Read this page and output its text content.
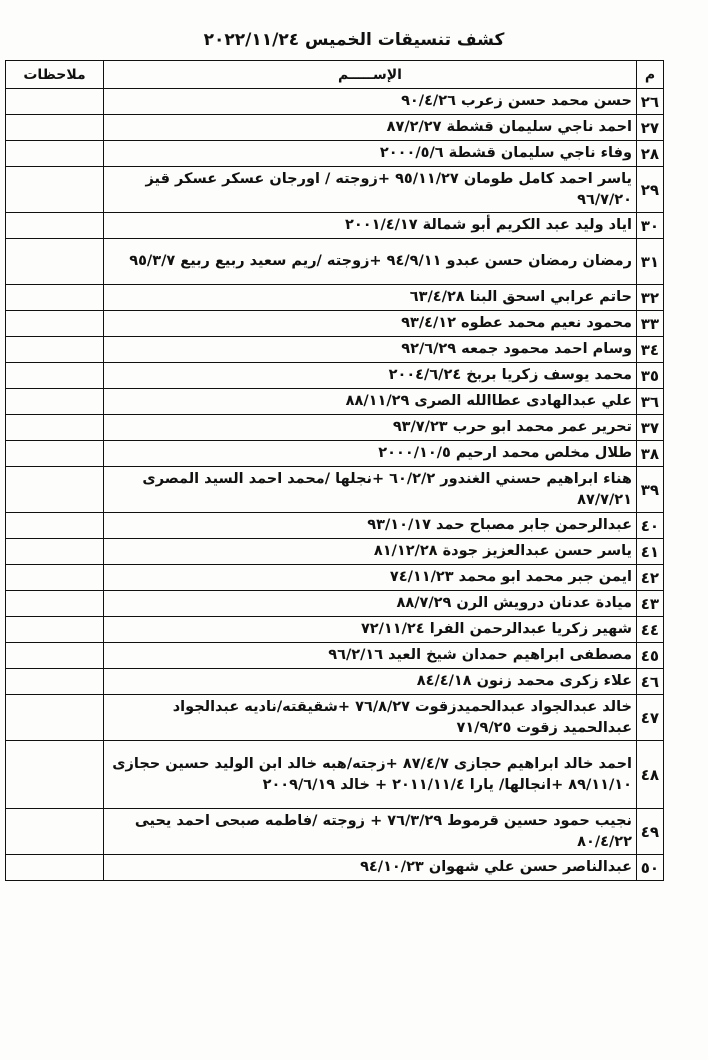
كشف تنسيقات الخميس ٢٠٢٢/١١/٢٤
م	الإســـــم	ملاحظات
٢٦	حسن محمد حسن زعرب ٩٠/٤/٢٦	
٢٧	احمد ناجي سليمان قشطة ٨٧/٢/٢٧	
٢٨	وفاء ناجي سليمان قشطة ٢٠٠٠/٥/٦	
٢٩	ياسر احمد كامل طومان ٩٥/١١/٢٧ +زوجته / اورجان عسكر عسكر قيز ٩٦/٧/٢٠	
٣٠	اياد وليد عبد الكريم أبو شمالة ٢٠٠١/٤/١٧	
٣١	رمضان رمضان حسن عبدو ٩٤/٩/١١ +زوجته /ريم سعيد ربيع ربيع ٩٥/٣/٧	
٣٢	حاتم عرابي اسحق البنا ٦٣/٤/٢٨	
٣٣	محمود نعيم محمد عطوه ٩٣/٤/١٢	
٣٤	وسام احمد محمود جمعه ٩٢/٦/٢٩	
٣٥	محمد يوسف زكريا بربخ ٢٠٠٤/٦/٢٤	
٣٦	علي عبدالهادى عطاالله الصرى ٨٨/١١/٢٩	
٣٧	تحرير عمر محمد ابو حرب ٩٣/٧/٢٣	
٣٨	طلال مخلص محمد ارحيم ٢٠٠٠/١٠/٥	
٣٩	هناء ابراهيم حسني الغندور ٦٠/٢/٢ +نجلها /محمد احمد السيد المصرى ٨٧/٧/٢١	
٤٠	عبدالرحمن جابر مصباح حمد ٩٣/١٠/١٧	
٤١	ياسر حسن عبدالعزيز جودة ٨١/١٢/٢٨	
٤٢	ايمن جبر محمد ابو محمد ٧٤/١١/٢٣	
٤٣	ميادة عدنان درويش الرن ٨٨/٧/٢٩	
٤٤	شهير زكريا عبدالرحمن الفرا ٧٢/١١/٢٤	
٤٥	مصطفى ابراهيم حمدان شيخ العيد ٩٦/٢/١٦	
٤٦	علاء زكرى محمد زنون ٨٤/٤/١٨	
٤٧	خالد عبدالجواد عبدالحميدزقوت ٧٦/٨/٢٧ +شقيقته/ناديه عبدالجواد عبدالحميد زقوت ٧١/٩/٢٥	
٤٨	احمد خالد ابراهيم حجازى ٨٧/٤/٧ +زجته/هبه خالد ابن الوليد حسين حجازى ٨٩/١١/١٠ +انجالها/ يارا ٢٠١١/١١/٤ + خالد ٢٠٠٩/٦/١٩	
٤٩	نجيب حمود حسين قرموط ٧٦/٣/٢٩ + زوجته /فاطمه صبحى احمد يحيى ٨٠/٤/٢٢	
٥٠	عبدالناصر حسن علي شهوان ٩٤/١٠/٢٣	
